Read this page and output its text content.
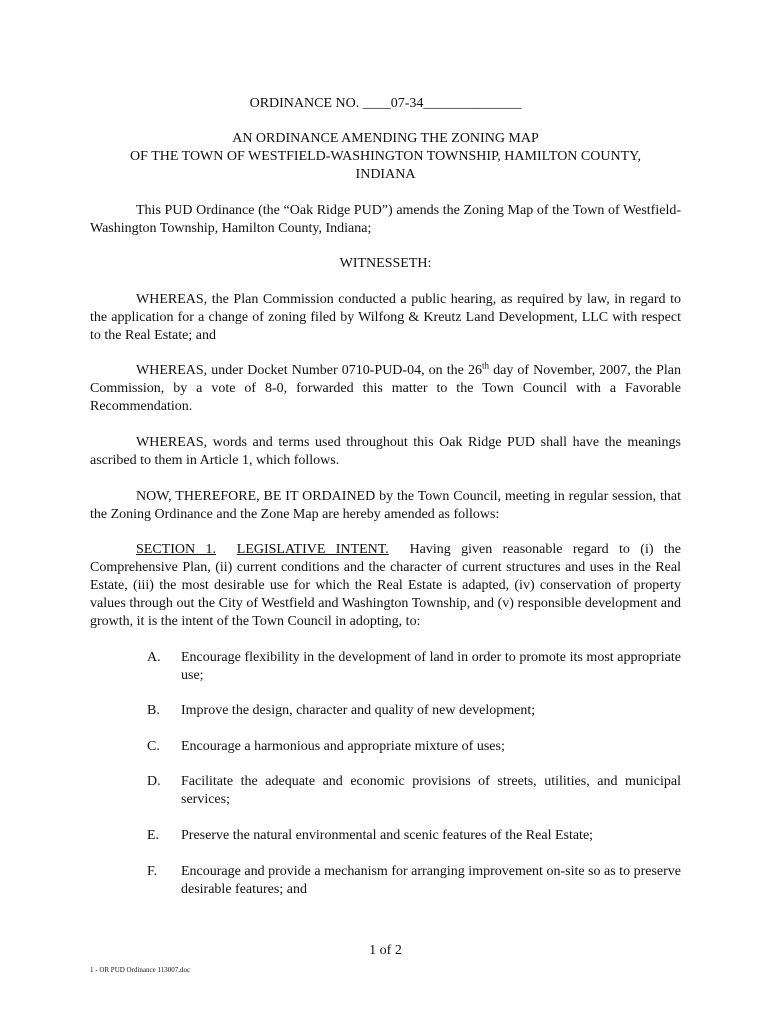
ORDINANCE NO. ____07-34______________
AN ORDINANCE AMENDING THE ZONING MAP
OF THE TOWN OF WESTFIELD-WASHINGTON TOWNSHIP, HAMILTON COUNTY,
INDIANA
This PUD Ordinance (the “Oak Ridge PUD”) amends the Zoning Map of the Town of Westfield-Washington Township, Hamilton County, Indiana;
WITNESSETH:
WHEREAS, the Plan Commission conducted a public hearing, as required by law, in regard to the application for a change of zoning filed by Wilfong & Kreutz Land Development, LLC with respect to the Real Estate; and
WHEREAS, under Docket Number 0710-PUD-04, on the 26th day of November, 2007, the Plan Commission, by a vote of 8-0, forwarded this matter to the Town Council with a Favorable Recommendation.
WHEREAS, words and terms used throughout this Oak Ridge PUD shall have the meanings ascribed to them in Article 1, which follows.
NOW, THEREFORE, BE IT ORDAINED by the Town Council, meeting in regular session, that the Zoning Ordinance and the Zone Map are hereby amended as follows:
SECTION 1. LEGISLATIVE INTENT. Having given reasonable regard to (i) the Comprehensive Plan, (ii) current conditions and the character of current structures and uses in the Real Estate, (iii) the most desirable use for which the Real Estate is adapted, (iv) conservation of property values through out the City of Westfield and Washington Township, and (v) responsible development and growth, it is the intent of the Town Council in adopting, to:
A. Encourage flexibility in the development of land in order to promote its most appropriate use;
B. Improve the design, character and quality of new development;
C. Encourage a harmonious and appropriate mixture of uses;
D. Facilitate the adequate and economic provisions of streets, utilities, and municipal services;
E. Preserve the natural environmental and scenic features of the Real Estate;
F. Encourage and provide a mechanism for arranging improvement on-site so as to preserve desirable features; and
1 of 2
1 - OR PUD Ordinance 113007.doc
